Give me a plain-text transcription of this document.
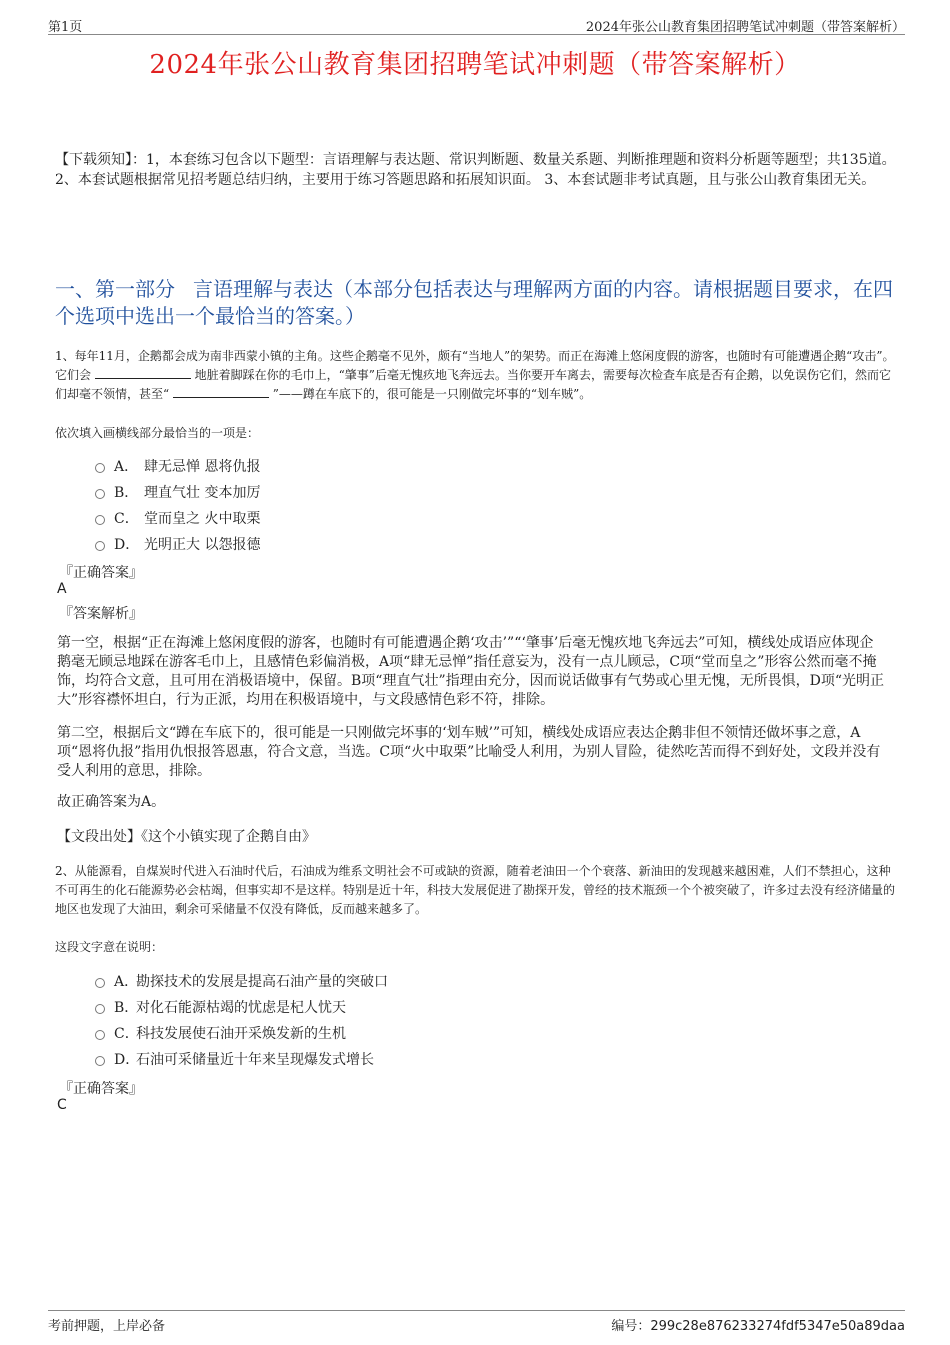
第1页	2024年张公山教育集团招聘笔试冲刺题（带答案解析）
2024年张公山教育集团招聘笔试冲刺题（带答案解析）
【下载须知】：1，本套练习包含以下题型：言语理解与表达题、常识判断题、数量关系题、判断推理题和资料分析题等题型；共135道。 2、本套试题根据常见招考题总结归纳，主要用于练习答题思路和拓展知识面。 3、本套试题非考试真题，且与张公山教育集团无关。
一、第一部分 言语理解与表达（本部分包括表达与理解两方面的内容。请根据题目要求，在四个选项中选出一个最恰当的答案。）
1、每年11月，企鹅都会成为南非西蒙小镇的主角。这些企鹅毫不见外，颇有“当地人”的架势。而正在海滩上悠闲度假的游客，也随时有可能遭遇企鹅“攻击”。它们会	地脏着脚踩在你的毛巾上，“肇事”后毫无愧疚地飞奔远去。当你要开车离去，需要每次检查车底是否有企鹅，以免误伤它们，然而它们却毫不领情，甚至“	”——蹲在车底下的，很可能是一只刚做完坏事的“划车贼”。
依次填入画横线部分最恰当的一项是：
A． 肆无忌惮 恩将仇报
B． 理直气壮 变本加厉
C． 堂而皇之 火中取栗
D． 光明正大 以怨报德
『正确答案』
A
『答案解析』
第一空，根据“正在海滩上悠闲度假的游客，也随时有可能遭遇企鹅‘攻击’”“‘肇事’后毫无愧疚地飞奔远去”可知，横线处成语应体现企鹅毫无顾忌地踩在游客毛巾上，且感情色彩偏消极，A项“肆无忌惮”指任意妄为，没有一点儿顾忌，C项“堂而皇之”形容公然而毫不掩饰，均符合文意，且可用在消极语境中，保留。B项“理直气壮”指理由充分，因而说话做事有气势或心里无愧，无所畏惧，D项“光明正大”形容襟怀坦白，行为正派，均用在积极语境中，与文段感情色彩不符，排除。
第二空，根据后文“蹲在车底下的，很可能是一只刚做完坏事的‘划车贼’”可知，横线处成语应表达企鹅非但不领情还做坏事之意，A项“恩将仇报”指用仇恨报答恩惠，符合文意，当选。C项“火中取栗”比喻受人利用，为别人冒险，徒然吃苦而得不到好处，文段并没有受人利用的意思，排除。
故正确答案为A。
【文段出处】《这个小镇实现了企鹅自由》
2、从能源看，自煤炭时代进入石油时代后，石油成为维系文明社会不可或缺的资源，随着老油田一个个衰落、新油田的发现越来越困难，人们不禁担心，这种不可再生的化石能源势必会枯竭，但事实却不是这样。特别是近十年，科技大发展促进了勘探开发，曾经的技术瓶颈一个个被突破了，许多过去没有经济储量的地区也发现了大油田，剩余可采储量不仅没有降低，反而越来越多了。
这段文字意在说明：
A．
勘探技术的发展是提高石油产量的突破口
B．
对化石能源枯竭的忧虑是杞人忧天
C．
科技发展使石油开采焕发新的生机
D．
石油可采储量近十年来呈现爆发式增长
『正确答案』
C
考前押题，上岸必备	编号：299c28e876233274fdf5347e50a89daa
